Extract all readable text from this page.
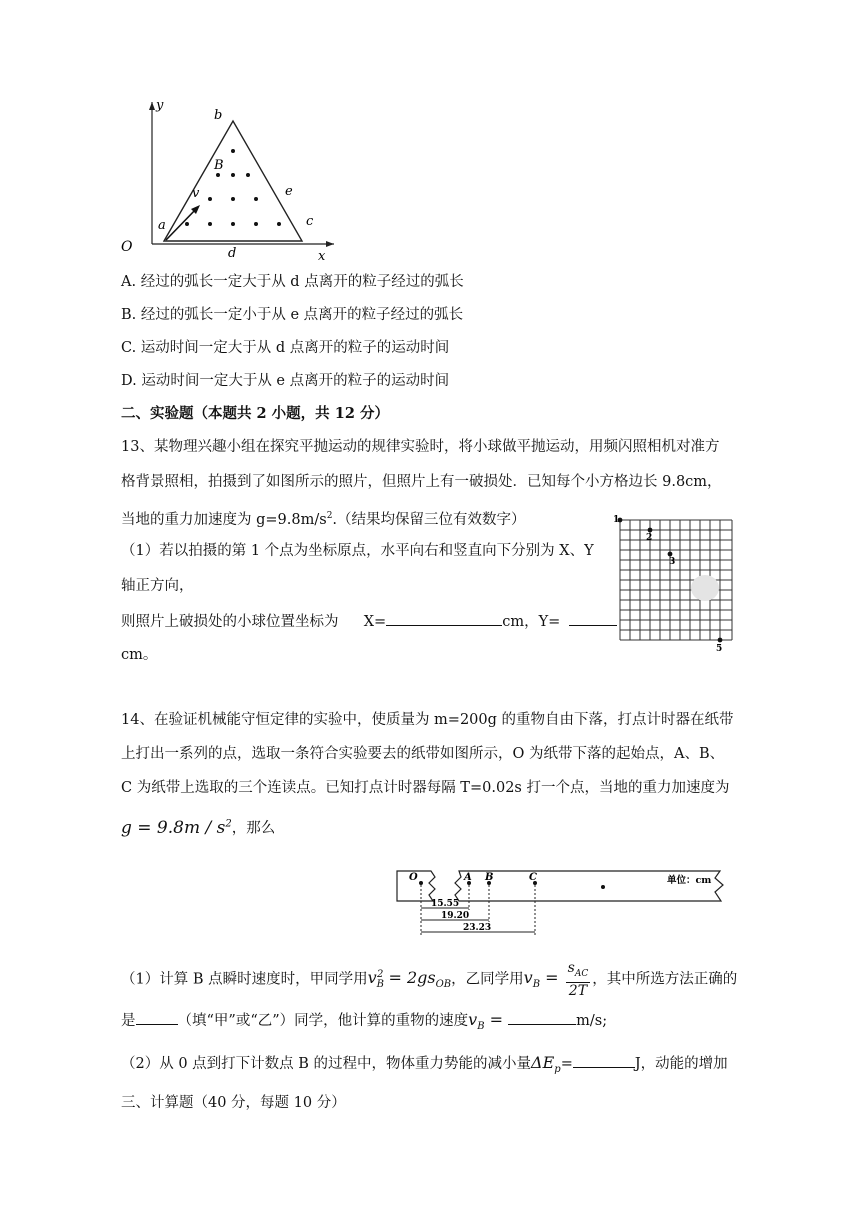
y
b
B
v	e
a	c
O	d	x
A. 经过的弧长一定大于从 d 点离开的粒子经过的弧长
B. 经过的弧长一定小于从 e 点离开的粒子经过的弧长
C. 运动时间一定大于从 d 点离开的粒子的运动时间
D. 运动时间一定大于从 e 点离开的粒子的运动时间
二、实验题（本题共 2 小题，共 12 分）
13、某物理兴趣小组在探究平抛运动的规律实验时，将小球做平抛运动，用频闪照相机对准方
格背景照相，拍摄到了如图所示的照片，但照片上有一破损处．已知每个小方格边长 9.8cm，
当地的重力加速度为 $g=9.8m/s^2$.（结果均保留三位有效数字）
（1）若以拍摄的第 1 个点为坐标原点，水平向右和竖直向下分别为 X、Y
轴正方向，
则照片上破损处的小球位置坐标为 X=	cm，Y=
cm。
1
2
3
5
14、在验证机械能守恒定律的实验中，使质量为 m=200g 的重物自由下落，打点计时器在纸带
上打出一系列的点，选取一条符合实验要去的纸带如图所示，O 为纸带下落的起始点，A、B、
C 为纸带上选取的三个连读点。已知打点计时器每隔 T=0.02s 打一个点，当地的重力加速度为
$g = 9.8m / s^2$，那么
O	A B	C	单位：cm
15.55
19.20
23.23
（1）计算 B 点瞬时速度时，甲同学用$v_B^2 = 2gs_{OB}$，乙同学用$v_B = \frac{s_{AC}}{2T}$ ，其中所选方法正确的
是	（填“甲”或“乙”）同学，他计算的重物的速度$v_B$ =	m/s;
（2）从 0 点到打下计数点 B 的过程中，物体重力势能的减小量$\Delta E_p=$	J，动能的增加
三、计算题（40 分，每题 10 分）
